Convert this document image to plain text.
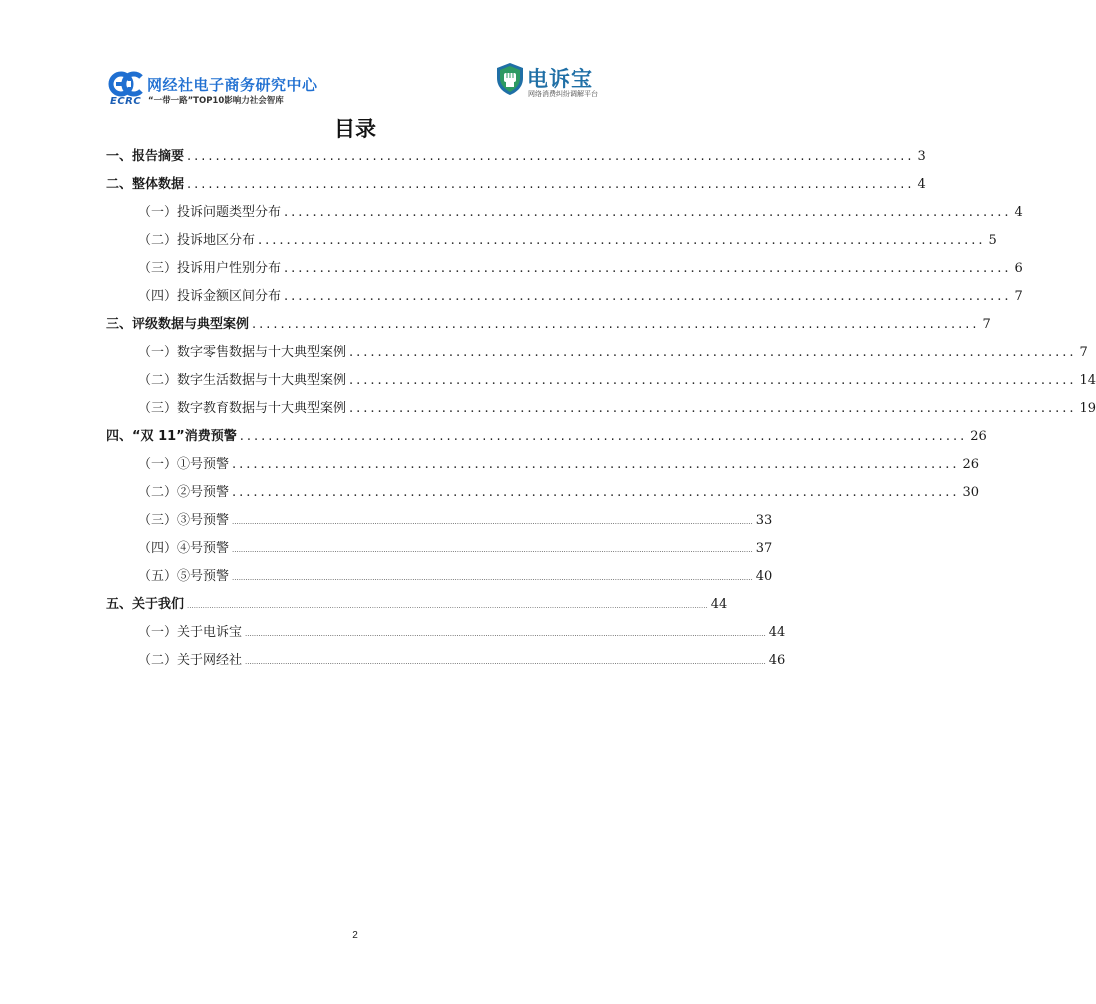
ECRC
网经社电子商务研究中心
“一带一路”TOP10影响力社会智库
电诉宝
网络消费纠纷调解平台
目录
一、报告摘要 ...................................................................................................... 3
二、整体数据 ...................................................................................................... 4
（一）投诉问题类型分布 ...................................................................................................... 4
（二）投诉地区分布 ...................................................................................................... 5
（三）投诉用户性别分布 ...................................................................................................... 6
（四）投诉金额区间分布 ...................................................................................................... 7
三、评级数据与典型案例 ...................................................................................................... 7
（一）数字零售数据与十大典型案例 ...................................................................................................... 7
（二）数字生活数据与十大典型案例 ...................................................................................................... 14
（三）数字教育数据与十大典型案例 ...................................................................................................... 19
四、“双 11”消费预警 ...................................................................................................... 26
（一）①号预警 ...................................................................................................... 26
（二）②号预警 ...................................................................................................... 30
（三）③号预警 .......................................................................................................................................................................................................................................... 33
（四）④号预警 .......................................................................................................................................................................................................................................... 37
（五）⑤号预警 .......................................................................................................................................................................................................................................... 40
五、关于我们 .......................................................................................................................................................................................................................................... 44
（一）关于电诉宝 .......................................................................................................................................................................................................................................... 44
（二）关于网经社 .......................................................................................................................................................................................................................................... 46
2
